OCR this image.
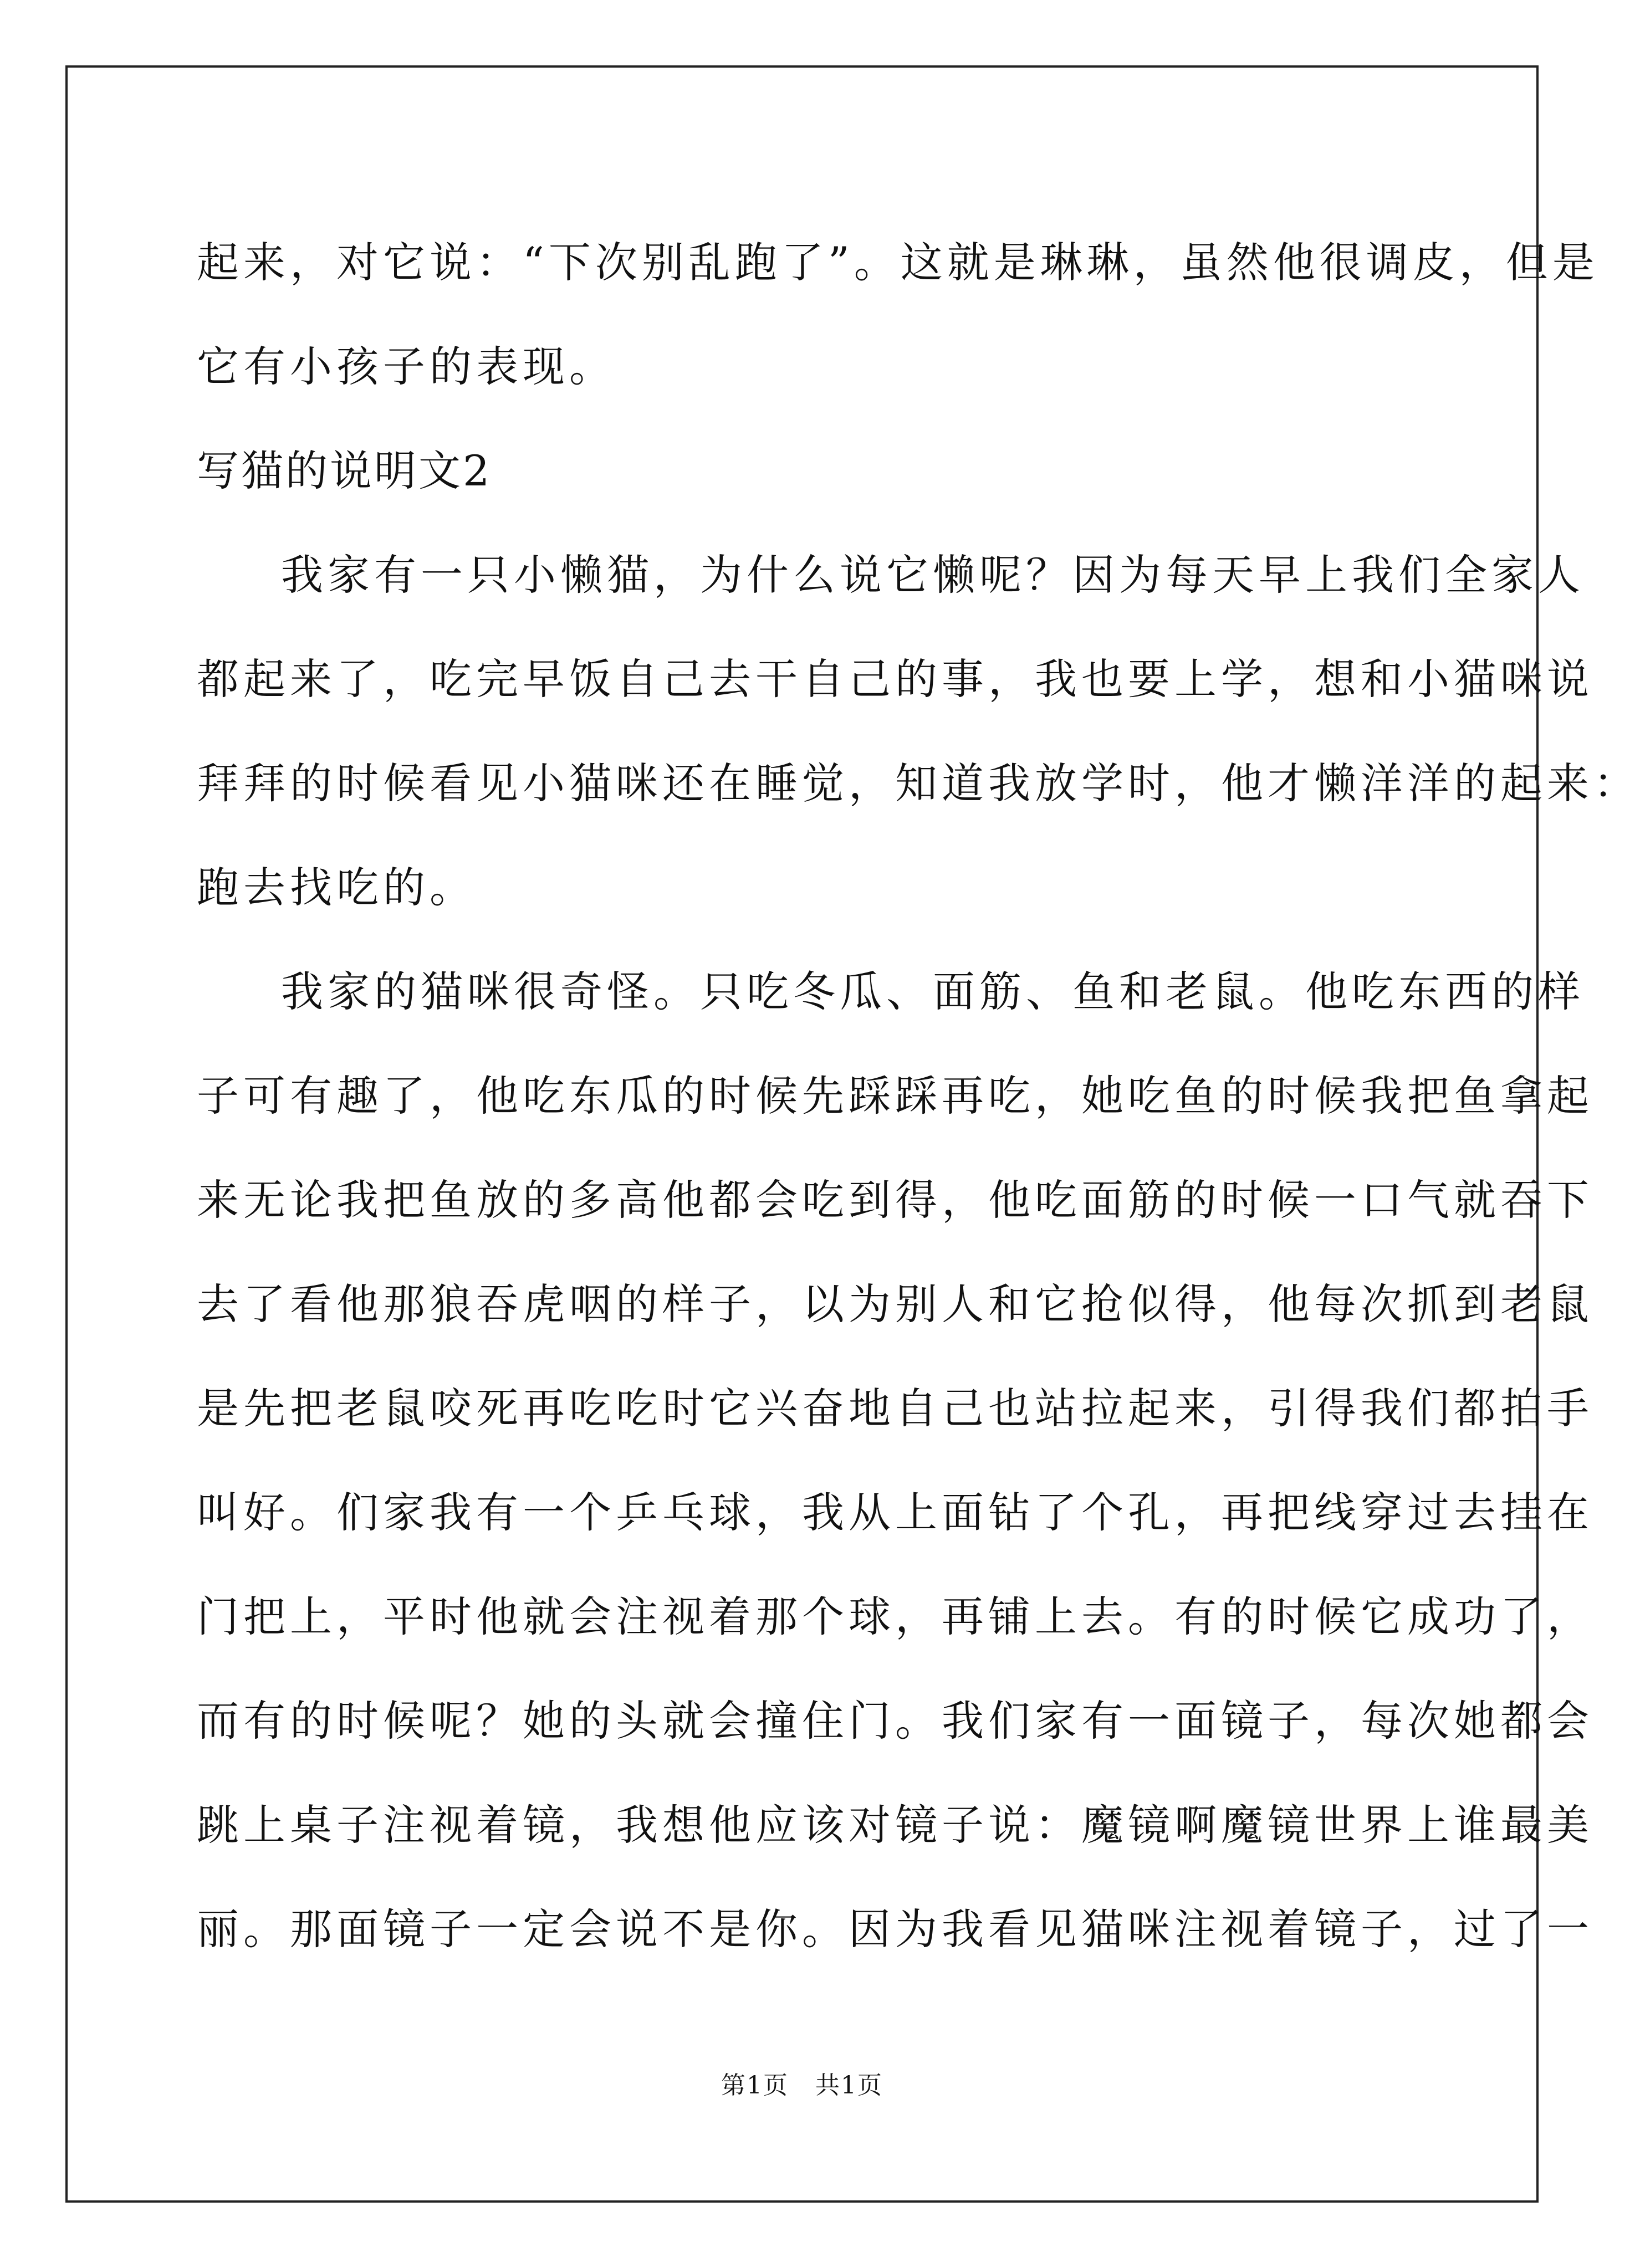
起来，对它说：“下次别乱跑了”。这就是琳琳，虽然他很调皮，但是
它有小孩子的表现。
写猫的说明文2
我家有一只小懒猫，为什么说它懒呢？因为每天早上我们全家人
都起来了，吃完早饭自己去干自己的事，我也要上学，想和小猫咪说
拜拜的时候看见小猫咪还在睡觉，知道我放学时，他才懒洋洋的起来：
跑去找吃的。
我家的猫咪很奇怪。只吃冬瓜、面筋、鱼和老鼠。他吃东西的样
子可有趣了，他吃东瓜的时候先踩踩再吃，她吃鱼的时候我把鱼拿起
来无论我把鱼放的多高他都会吃到得，他吃面筋的时候一口气就吞下
去了看他那狼吞虎咽的样子，以为别人和它抢似得，他每次抓到老鼠
是先把老鼠咬死再吃吃时它兴奋地自己也站拉起来，引得我们都拍手
叫好。们家我有一个乒乓球，我从上面钻了个孔，再把线穿过去挂在
门把上，平时他就会注视着那个球，再铺上去。有的时候它成功了，
而有的时候呢？她的头就会撞住门。我们家有一面镜子，每次她都会
跳上桌子注视着镜，我想他应该对镜子说：魔镜啊魔镜世界上谁最美
丽。那面镜子一定会说不是你。因为我看见猫咪注视着镜子，过了一
第1页 共1页
